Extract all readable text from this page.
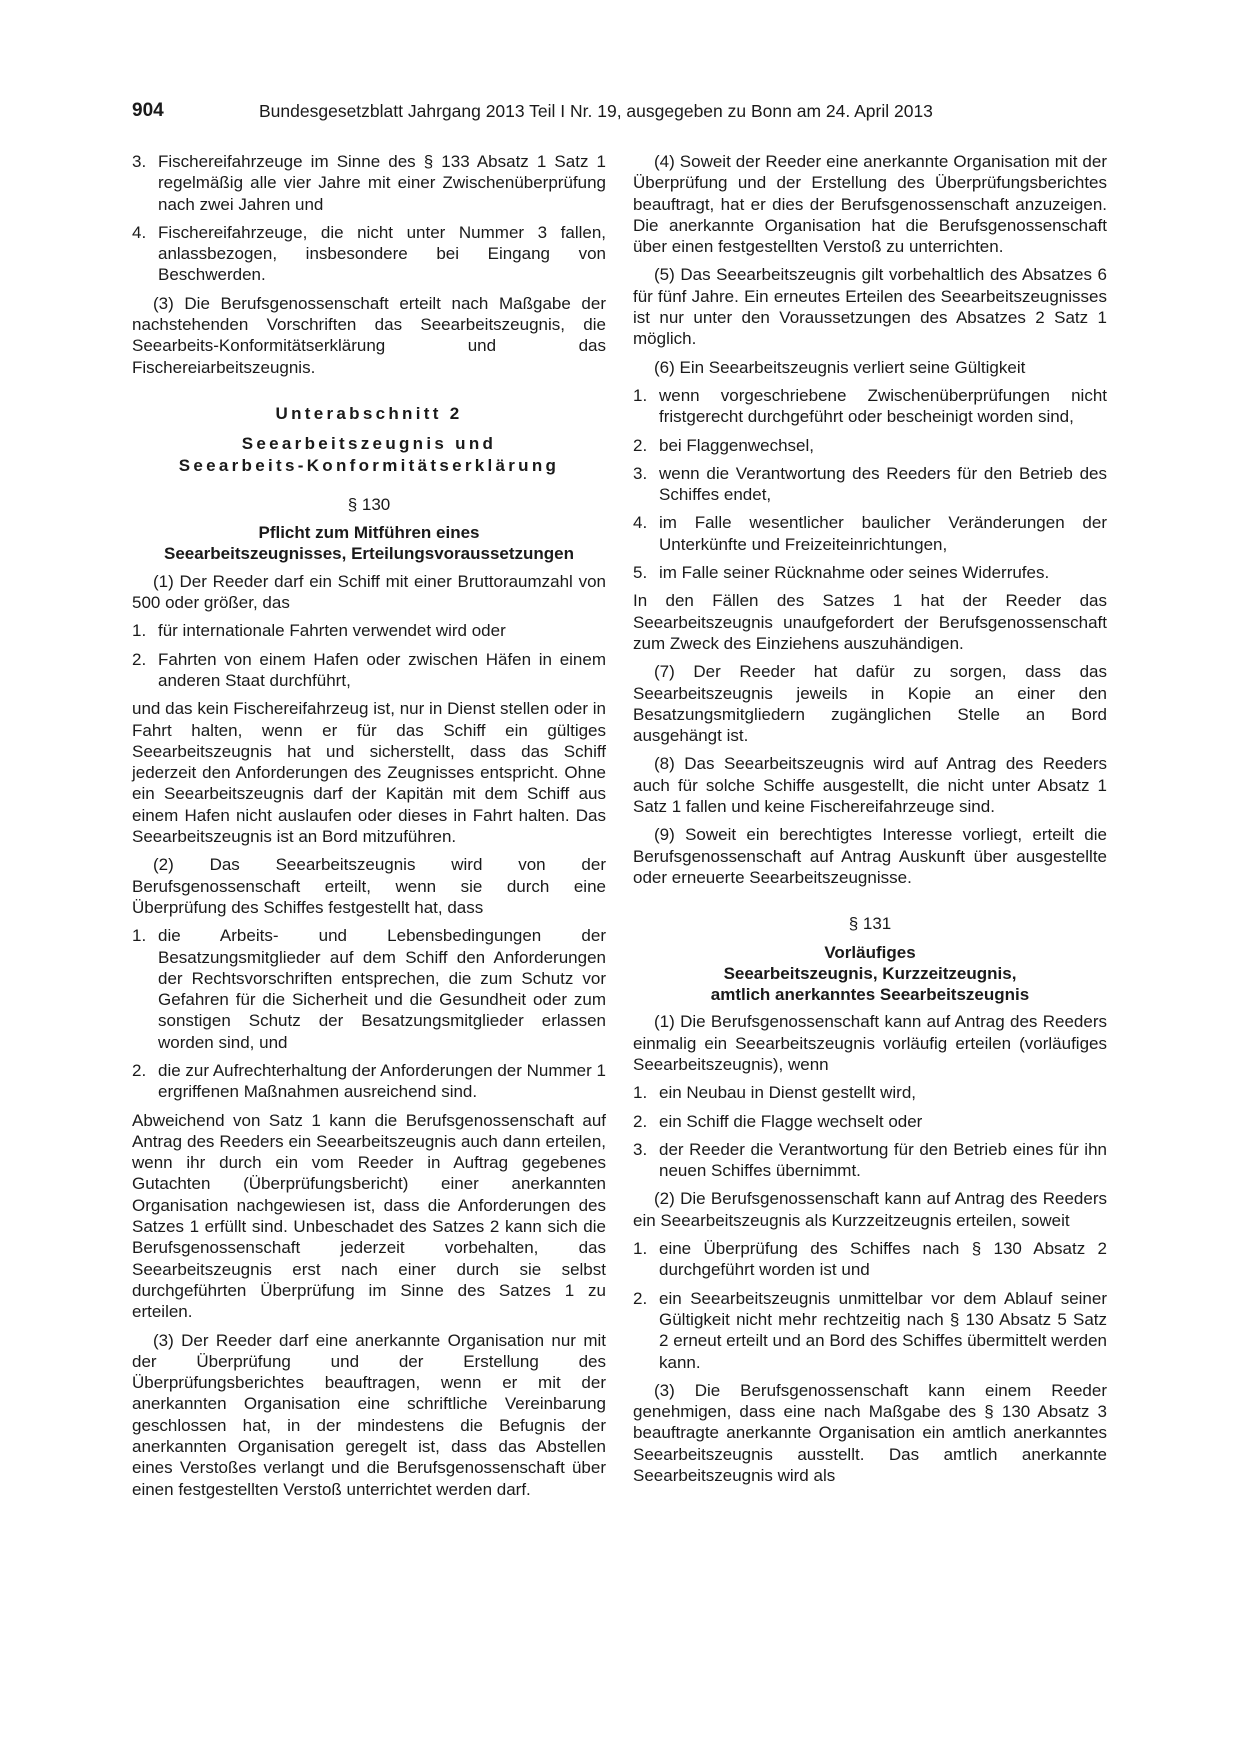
904	Bundesgesetzblatt Jahrgang 2013 Teil I Nr. 19, ausgegeben zu Bonn am 24. April 2013
3. Fischereifahrzeuge im Sinne des § 133 Absatz 1 Satz 1 regelmäßig alle vier Jahre mit einer Zwischenüberprüfung nach zwei Jahren und
4. Fischereifahrzeuge, die nicht unter Nummer 3 fallen, anlassbezogen, insbesondere bei Eingang von Beschwerden.

(3) Die Berufsgenossenschaft erteilt nach Maßgabe der nachstehenden Vorschriften das Seearbeitszeugnis, die Seearbeits-Konformitätserklärung und das Fischereiarbeitszeugnis.

Unterabschnitt 2

Seearbeitszeugnis und

Seearbeits-Konformitätserklärung

§ 130

Pflicht zum Mitführen eines

Seearbeitszeugnisses, Erteilungsvoraussetzungen

(1) Der Reeder darf ein Schiff mit einer Bruttoraumzahl von 500 oder größer, das

1. für internationale Fahrten verwendet wird oder
2. Fahrten von einem Hafen oder zwischen Häfen in einem anderen Staat durchführt,

und das kein Fischereifahrzeug ist, nur in Dienst stellen oder in Fahrt halten, wenn er für das Schiff ein gültiges Seearbeitszeugnis hat und sicherstellt, dass das Schiff jederzeit den Anforderungen des Zeugnisses entspricht. Ohne ein Seearbeitszeugnis darf der Kapitän mit dem Schiff aus einem Hafen nicht auslaufen oder dieses in Fahrt halten. Das Seearbeitszeugnis ist an Bord mitzuführen.

(2) Das Seearbeitszeugnis wird von der Berufsgenossenschaft erteilt, wenn sie durch eine Überprüfung des Schiffes festgestellt hat, dass

1. die Arbeits- und Lebensbedingungen der Besatzungsmitglieder auf dem Schiff den Anforderungen der Rechtsvorschriften entsprechen, die zum Schutz vor Gefahren für die Sicherheit und die Gesundheit oder zum sonstigen Schutz der Besatzungsmitglieder erlassen worden sind, und
2. die zur Aufrechterhaltung der Anforderungen der Nummer 1 ergriffenen Maßnahmen ausreichend sind.

Abweichend von Satz 1 kann die Berufsgenossenschaft auf Antrag des Reeders ein Seearbeitszeugnis auch dann erteilen, wenn ihr durch ein vom Reeder in Auftrag gegebenes Gutachten (Überprüfungsbericht) einer anerkannten Organisation nachgewiesen ist, dass die Anforderungen des Satzes 1 erfüllt sind. Unbeschadet des Satzes 2 kann sich die Berufsgenossenschaft jederzeit vorbehalten, das Seearbeitszeugnis erst nach einer durch sie selbst durchgeführten Überprüfung im Sinne des Satzes 1 zu erteilen.

(3) Der Reeder darf eine anerkannte Organisation nur mit der Überprüfung und der Erstellung des Überprüfungsberichtes beauftragen, wenn er mit der anerkannten Organisation eine schriftliche Vereinbarung geschlossen hat, in der mindestens die Befugnis der anerkannten Organisation geregelt ist, dass das Abstellen eines Verstoßes verlangt und die Berufsgenossenschaft über einen festgestellten Verstoß unterrichtet werden darf.

(4) Soweit der Reeder eine anerkannte Organisation mit der Überprüfung und der Erstellung des Überprüfungsberichtes beauftragt, hat er dies der Berufsgenossenschaft anzuzeigen. Die anerkannte Organisation hat die Berufsgenossenschaft über einen festgestellten Verstoß zu unterrichten.

(5) Das Seearbeitszeugnis gilt vorbehaltlich des Absatzes 6 für fünf Jahre. Ein erneutes Erteilen des Seearbeitszeugnisses ist nur unter den Voraussetzungen des Absatzes 2 Satz 1 möglich.

(6) Ein Seearbeitszeugnis verliert seine Gültigkeit

1. wenn vorgeschriebene Zwischenüberprüfungen nicht fristgerecht durchgeführt oder bescheinigt worden sind,
2. bei Flaggenwechsel,
3. wenn die Verantwortung des Reeders für den Betrieb des Schiffes endet,
4. im Falle wesentlicher baulicher Veränderungen der Unterkünfte und Freizeiteinrichtungen,
5. im Falle seiner Rücknahme oder seines Widerrufes.

In den Fällen des Satzes 1 hat der Reeder das Seearbeitszeugnis unaufgefordert der Berufsgenossenschaft zum Zweck des Einziehens auszuhändigen.

(7) Der Reeder hat dafür zu sorgen, dass das Seearbeitszeugnis jeweils in Kopie an einer den Besatzungsmitgliedern zugänglichen Stelle an Bord ausgehängt ist.

(8) Das Seearbeitszeugnis wird auf Antrag des Reeders auch für solche Schiffe ausgestellt, die nicht unter Absatz 1 Satz 1 fallen und keine Fischereifahrzeuge sind.

(9) Soweit ein berechtigtes Interesse vorliegt, erteilt die Berufsgenossenschaft auf Antrag Auskunft über ausgestellte oder erneuerte Seearbeitszeugnisse.

§ 131

Vorläufiges

Seearbeitszeugnis, Kurzzeitzeugnis,

amtlich anerkanntes Seearbeitszeugnis

(1) Die Berufsgenossenschaft kann auf Antrag des Reeders einmalig ein Seearbeitszeugnis vorläufig erteilen (vorläufiges Seearbeitszeugnis), wenn

1. ein Neubau in Dienst gestellt wird,
2. ein Schiff die Flagge wechselt oder
3. der Reeder die Verantwortung für den Betrieb eines für ihn neuen Schiffes übernimmt.

(2) Die Berufsgenossenschaft kann auf Antrag des Reeders ein Seearbeitszeugnis als Kurzzeitzeugnis erteilen, soweit

1. eine Überprüfung des Schiffes nach § 130 Absatz 2 durchgeführt worden ist und
2. ein Seearbeitszeugnis unmittelbar vor dem Ablauf seiner Gültigkeit nicht mehr rechtzeitig nach § 130 Absatz 5 Satz 2 erneut erteilt und an Bord des Schiffes übermittelt werden kann.

(3) Die Berufsgenossenschaft kann einem Reeder genehmigen, dass eine nach Maßgabe des § 130 Absatz 3 beauftragte anerkannte Organisation ein amtlich anerkanntes Seearbeitszeugnis ausstellt. Das amtlich anerkannte Seearbeitszeugnis wird als
